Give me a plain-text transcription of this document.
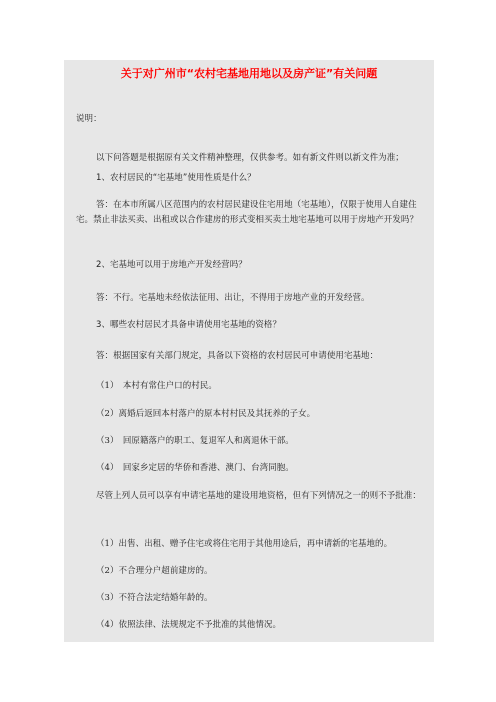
关于对广州市“农村宅基地用地以及房产证”有关问题
说明：
以下问答题是根据原有关文件精神整理，仅供参考。如有新文件则以新文件为准；
1、农村居民的“宅基地”使用性质是什么？
答：在本市所属八区范围内的农村居民建设住宅用地（宅基地），仅限于使用人自建住宅。禁止非法买卖、出租或以合作建房的形式变相买卖土地宅基地可以用于房地产开发吗？
2、宅基地可以用于房地产开发经营吗？
答：不行。宅基地未经依法征用、出让，不得用于房地产业的开发经营。
3、哪些农村居民才具备申请使用宅基地的资格？
答：根据国家有关部门规定，具备以下资格的农村居民可申请使用宅基地：
（1）　本村有常住户口的村民。
（2）离婚后返回本村落户的原本村村民及其抚养的子女。
（3）　回原籍落户的职工、复退军人和离退休干部。
（4）　回家乡定居的华侨和香港、澳门、台湾同胞。
尽管上列人员可以享有申请宅基地的建设用地资格，但有下列情况之一的则不予批准：
（1）出售、出租、赠予住宅或将住宅用于其他用途后，再申请新的宅基地的。
（2）不合理分户超前建房的。
（3）不符合法定结婚年龄的。
（4）依照法律、法规规定不予批准的其他情况。
